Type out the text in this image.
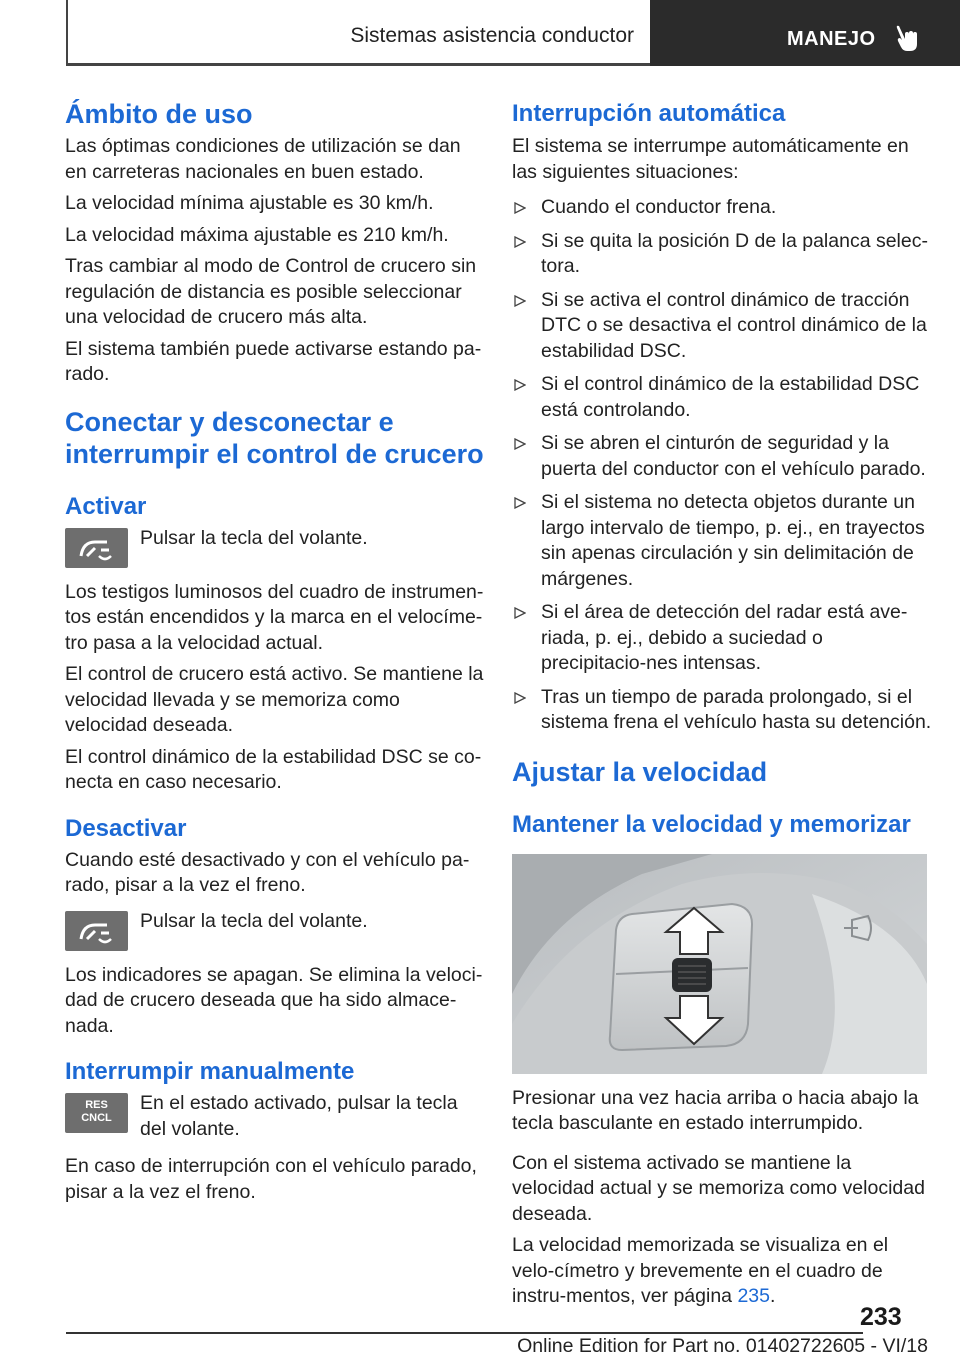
Sistemas asistencia conductor	MANEJO
Ámbito de uso
Las óptimas condiciones de utilización se dan en carreteras nacionales en buen estado.
La velocidad mínima ajustable es 30 km/h.
La velocidad máxima ajustable es 210 km/h.
Tras cambiar al modo de Control de crucero sin regulación de distancia es posible seleccionar una velocidad de crucero más alta.
El sistema también puede activarse estando pa-rado.
Conectar y desconectar e interrumpir el control de crucero
Activar
Pulsar la tecla del volante.
Los testigos luminosos del cuadro de instrumen-tos están encendidos y la marca en el velocíme-tro pasa a la velocidad actual.
El control de crucero está activo. Se mantiene la velocidad llevada y se memoriza como velocidad deseada.
El control dinámico de la estabilidad DSC se co-necta en caso necesario.
Desactivar
Cuando esté desactivado y con el vehículo pa-rado, pisar a la vez el freno.
Pulsar la tecla del volante.
Los indicadores se apagan. Se elimina la veloci-dad de crucero deseada que ha sido almace-nada.
Interrumpir manualmente
RES
CNCL
En el estado activado, pulsar la tecla del volante.
En caso de interrupción con el vehículo parado, pisar a la vez el freno.
Interrupción automática
El sistema se interrumpe automáticamente en las siguientes situaciones:
Cuando el conductor frena.
Si se quita la posición D de la palanca selec-tora.
Si se activa el control dinámico de tracción DTC o se desactiva el control dinámico de la estabilidad DSC.
Si el control dinámico de la estabilidad DSC está controlando.
Si se abren el cinturón de seguridad y la puerta del conductor con el vehículo parado.
Si el sistema no detecta objetos durante un largo intervalo de tiempo, p. ej., en trayectos sin apenas circulación y sin delimitación de márgenes.
Si el área de detección del radar está ave-riada, p. ej., debido a suciedad o precipitacio-nes intensas.
Tras un tiempo de parada prolongado, si el sistema frena el vehículo hasta su detención.
Ajustar la velocidad
Mantener la velocidad y memorizar
Presionar una vez hacia arriba o hacia abajo la tecla basculante en estado interrumpido.
Con el sistema activado se mantiene la velocidad actual y se memoriza como velocidad deseada.
La velocidad memorizada se visualiza en el velo-címetro y brevemente en el cuadro de instru-mentos, ver página 235.
233
Online Edition for Part no. 01402722605 - VI/18
